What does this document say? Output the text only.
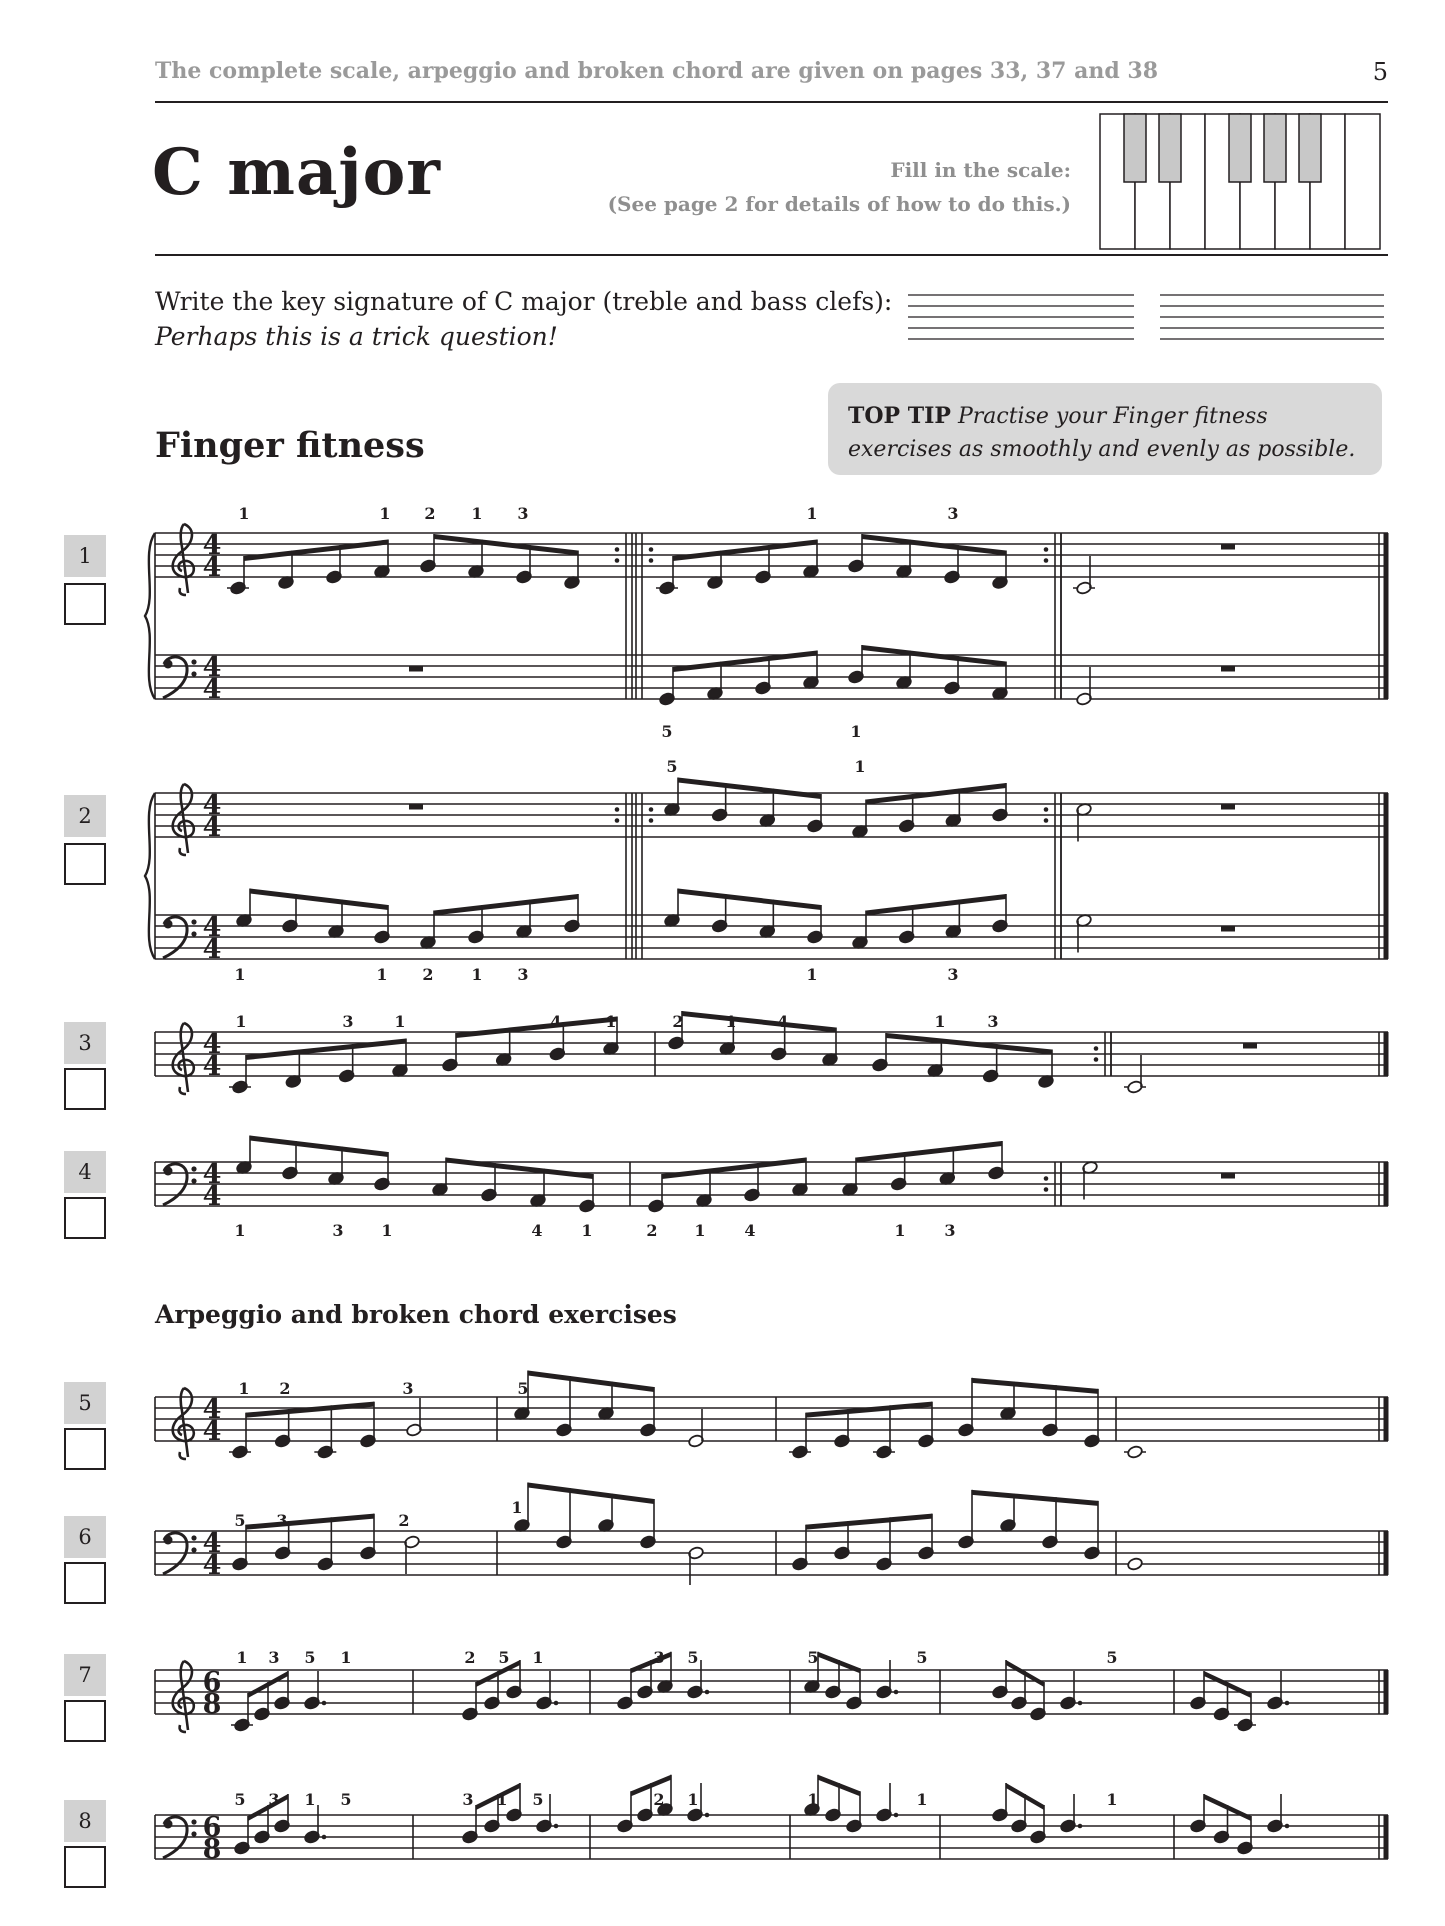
The complete scale, arpeggio and broken chord are given on pages 33, 37 and 38	5
C major	Fill in the scale:
(See page 2 for details of how to do this.)
Write the key signature of C major (treble and bass clefs):
Perhaps this is a trick question!
TOP TIP Practise your Finger fitness exercises as smoothly and evenly as possible.
Finger fitness
Arpeggio and broken chord exercises
1
2
3
4
5
6
7
8
4
4
4
4
1	1 2 1 3	1	3
5	1
4
4
4
4
5	1
1	1 2 1 3	1	3
4
4
1	3	1	4	1	2	1	4	1	3
4
4
1	3 1	4 1	2 1 4	1 3
4
4
1 2	3	5
4
4
5 3	2
1
6
8
1 3 5 1	2 5 1	3 5	5	5	5
6
8
5 3 1 5	3 1 5	2 1	1	1	1
